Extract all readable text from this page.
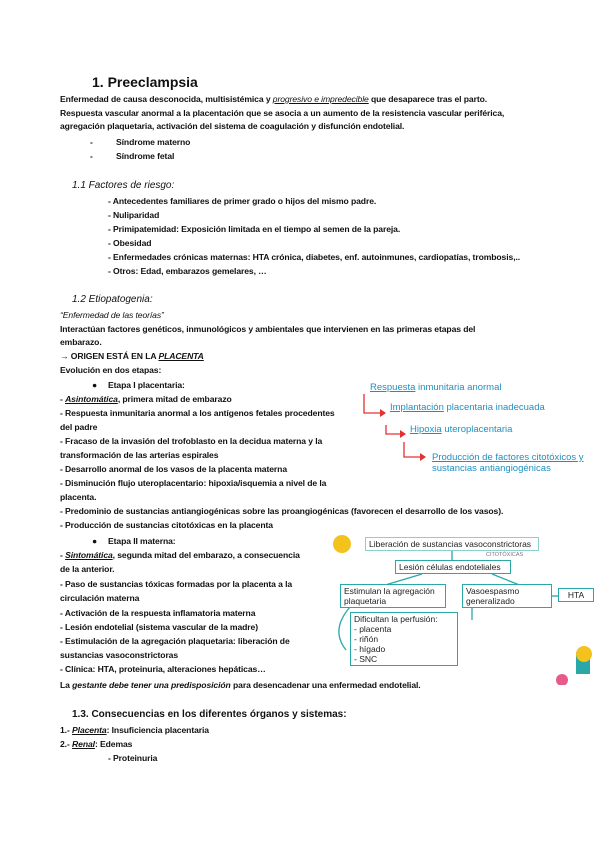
1. Preeclampsia
Enfermedad de causa desconocida, multisistémica y progresivo e impredecible que desaparece tras el parto.
Respuesta vascular anormal a la placentación que se asocia a un aumento de la resistencia vascular periférica,
agregación plaquetaria, activación del sistema de coagulación y disfunción endotelial.
-	Síndrome materno
-	Síndrome fetal
1.1 Factores de riesgo:
- Antecedentes familiares de primer grado o hijos del mismo padre.
- Nuliparidad
- Primipatemidad: Exposición limitada en el tiempo al semen de la pareja.
- Obesidad
- Enfermedades crónicas maternas: HTA crónica, diabetes, enf. autoinmunes, cardiopatías, trombosis,..
- Otros: Edad, embarazos gemelares, …
1.2 Etiopatogenia:
“Enfermedad de las teorías”
Interactúan factores genéticos, inmunológicos y ambientales que intervienen en las primeras etapas del
embarazo.
→ ORIGEN ESTÁ EN LA PLACENTA
Evolución en dos etapas:
● Etapa I placentaria:
- Asintomática, primera mitad de embarazo
- Respuesta inmunitaria anormal a los antígenos fetales procedentes
del padre
- Fracaso de la invasión del trofoblasto en la decidua materna y la
transformación de las arterias espirales
- Desarrollo anormal de los vasos de la placenta materna
- Disminución flujo uteroplacentario: hipoxia/isquemia a nivel de la
placenta.
- Predominio de sustancias antiangiogénicas sobre las proangiogénicas (favorecen el desarrollo de los vasos).
- Producción de sustancias citotóxicas en la placenta
● Etapa II materna:
- Sintomática, segunda mitad del embarazo, a consecuencia
de la anterior.
- Paso de sustancias tóxicas formadas por la placenta a la
circulación materna
- Activación de la respuesta inflamatoria materna
- Lesión endotelial (sistema vascular de la madre)
- Estimulación de la agregación plaquetaria: liberación de
sustancias vasoconstrictoras
- Clínica: HTA, proteinuria, alteraciones hepáticas…
La gestante debe tener una predisposición para desencadenar una enfermedad endotelial.
1.3. Consecuencias en los diferentes órganos y sistemas:
1.- Placenta: Insuficiencia placentaria
2.- Renal: Edemas
- Proteinuria
Respuesta inmunitaria anormal
Implantación placentaria inadecuada
Hipoxia uteroplacentaria
Producción de factores citotóxicos y
sustancias antiangiogénicas
Liberación de sustancias vasoconstrictoras
CITOTÓXICAS
Lesión células endoteliales
Estimulan la agregación
plaquetaria
Vasoespasmo
generalizado
HTA
Dificultan la perfusión:
- placenta
- riñón
- hígado
- SNC
